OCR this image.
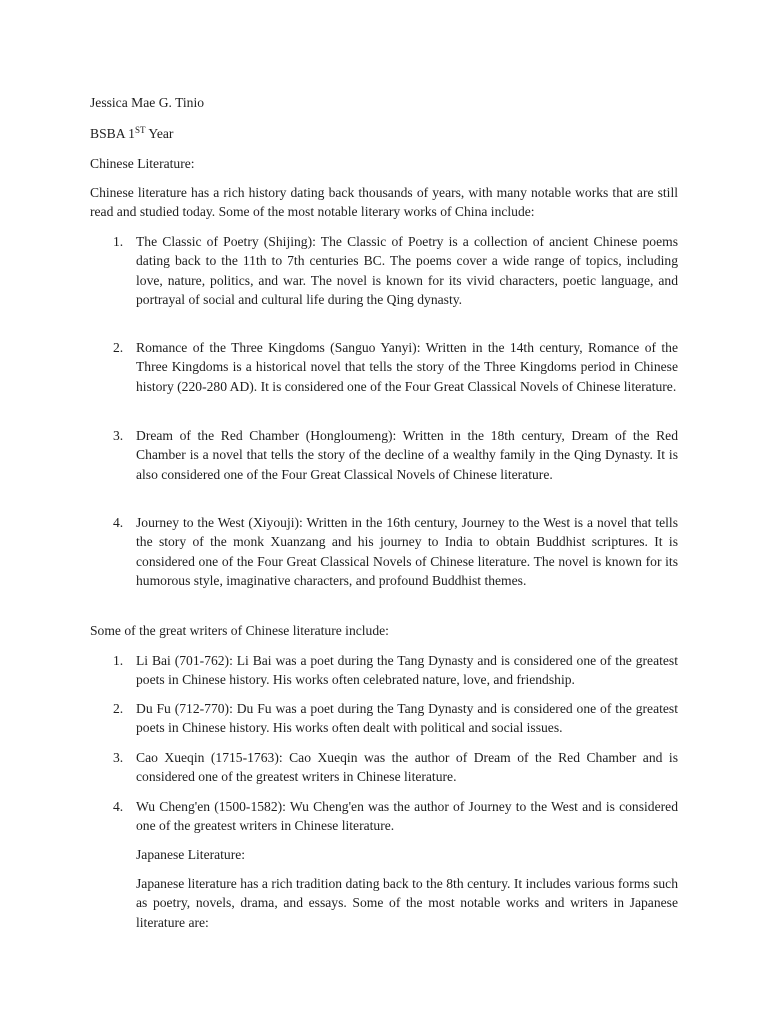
Jessica Mae G. Tinio

BSBA 1ST Year

Chinese Literature:

Chinese literature has a rich history dating back thousands of years, with many notable works that are still read and studied today. Some of the most notable literary works of China include:

1. The Classic of Poetry (Shijing): The Classic of Poetry is a collection of ancient Chinese poems dating back to the 11th to 7th centuries BC. The poems cover a wide range of topics, including love, nature, politics, and war. The novel is known for its vivid characters, poetic language, and portrayal of social and cultural life during the Qing dynasty.
2. Romance of the Three Kingdoms (Sanguo Yanyi): Written in the 14th century, Romance of the Three Kingdoms is a historical novel that tells the story of the Three Kingdoms period in Chinese history (220-280 AD). It is considered one of the Four Great Classical Novels of Chinese literature.
3. Dream of the Red Chamber (Hongloumeng): Written in the 18th century, Dream of the Red Chamber is a novel that tells the story of the decline of a wealthy family in the Qing Dynasty. It is also considered one of the Four Great Classical Novels of Chinese literature.
4. Journey to the West (Xiyouji): Written in the 16th century, Journey to the West is a novel that tells the story of the monk Xuanzang and his journey to India to obtain Buddhist scriptures. It is considered one of the Four Great Classical Novels of Chinese literature. The novel is known for its humorous style, imaginative characters, and profound Buddhist themes.

Some of the great writers of Chinese literature include:

1. Li Bai (701-762): Li Bai was a poet during the Tang Dynasty and is considered one of the greatest poets in Chinese history. His works often celebrated nature, love, and friendship.
2. Du Fu (712-770): Du Fu was a poet during the Tang Dynasty and is considered one of the greatest poets in Chinese history. His works often dealt with political and social issues.
3. Cao Xueqin (1715-1763): Cao Xueqin was the author of Dream of the Red Chamber and is considered one of the greatest writers in Chinese literature.
4. Wu Cheng'en (1500-1582): Wu Cheng'en was the author of Journey to the West and is considered one of the greatest writers in Chinese literature.

Japanese Literature:

Japanese literature has a rich tradition dating back to the 8th century. It includes various forms such as poetry, novels, drama, and essays. Some of the most notable works and writers in Japanese literature are:
